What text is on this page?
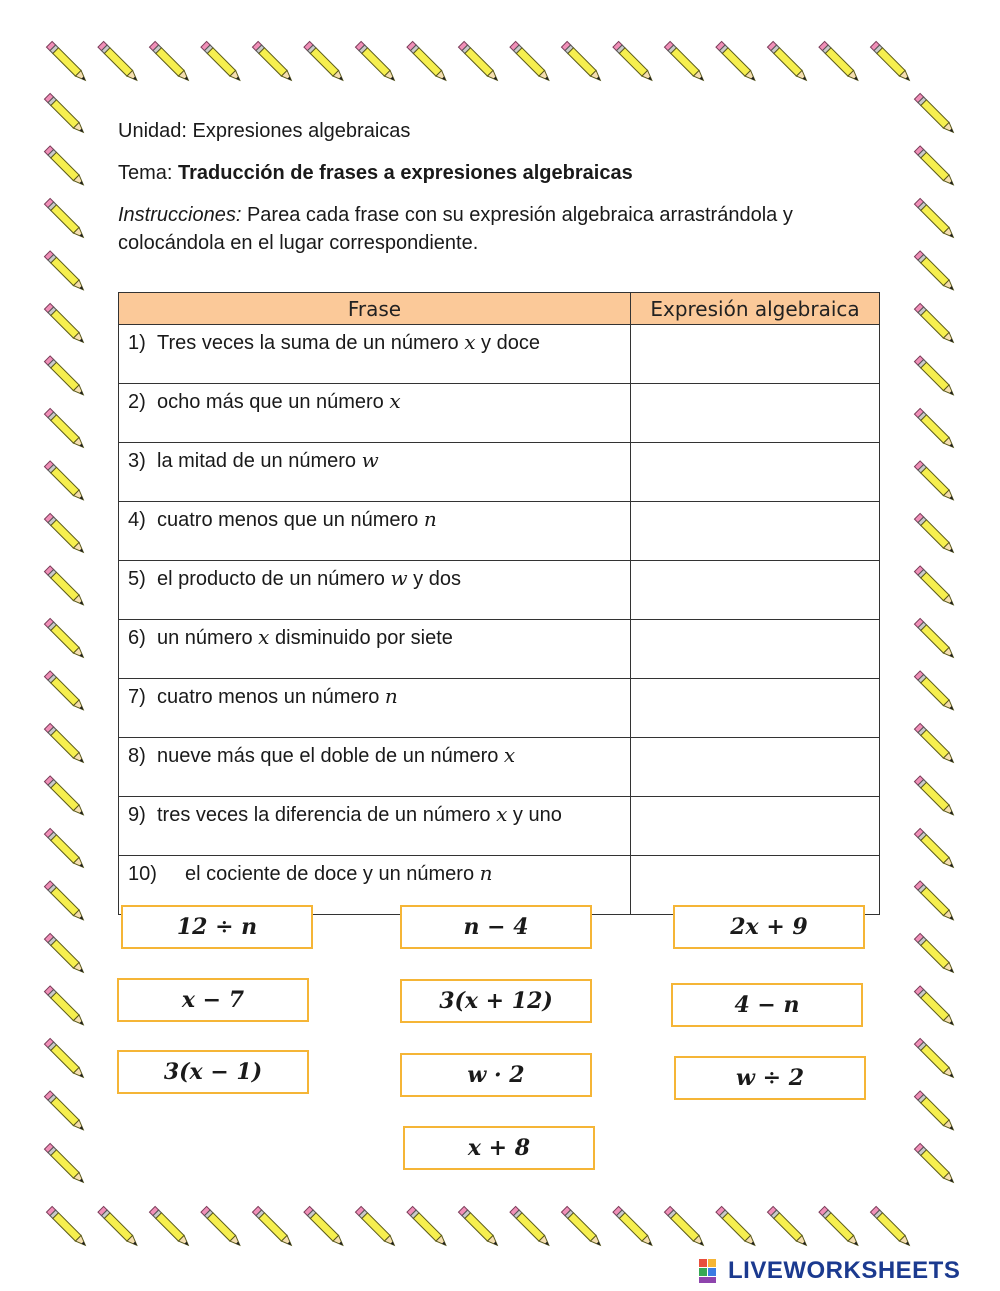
Unidad: Expresiones algebraicas

Tema: Traducción de frases a expresiones algebraicas

Instrucciones: Parea cada frase con su expresión algebraica arrastrándola y colocándola en el lugar correspondiente.

Frase	Expresión algebraica
1) Tres veces la suma de un número x y doce	
2) ocho más que un número x	
3) la mitad de un número w	
4) cuatro menos que un número n	
5) el producto de un número w y dos	
6) un número x disminuido por siete	
7) cuatro menos un número n	
8) nueve más que el doble de un número x	
9) tres veces la diferencia de un número x y uno	
10) el cociente de doce y un número n	
12 ÷ n	n − 4	2x + 9
x − 7	3(x + 12)	4 − n
3(x − 1)	w · 2	w ÷ 2
x + 8
LIVEWORKSHEETS
